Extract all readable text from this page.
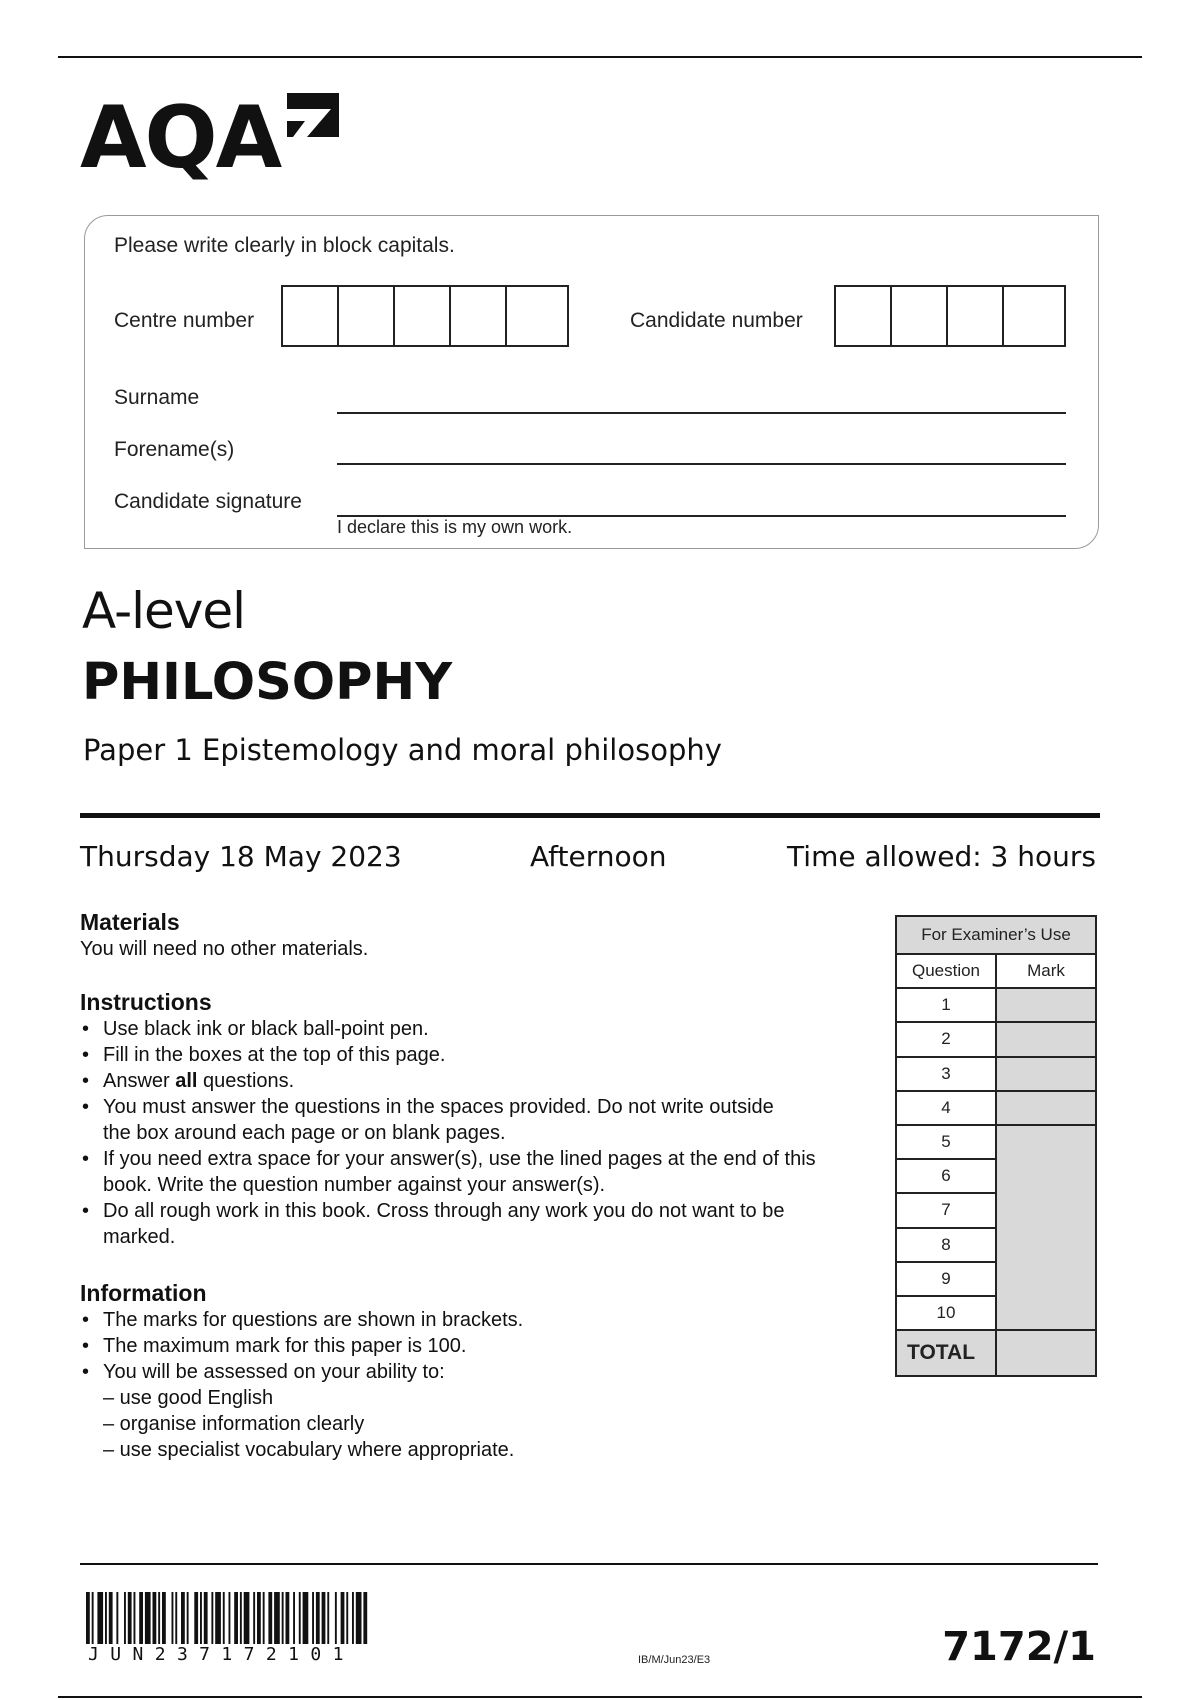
AQA
Please write clearly in block capitals.
Centre number	Candidate number
Surname
Forename(s)
Candidate signature
I declare this is my own work.
A-level
PHILOSOPHY
Paper 1 Epistemology and moral philosophy
Thursday 18 May 2023	Afternoon	Time allowed: 3 hours
Materials
You will need no other materials.
Instructions
• Use black ink or black ball-point pen.
• Fill in the boxes at the top of this page.
• Answer all questions.
• You must answer the questions in the spaces provided. Do not write outside the box around each page or on blank pages.
• If you need extra space for your answer(s), use the lined pages at the end of this book. Write the question number against your answer(s).
• Do all rough work in this book. Cross through any work you do not want to be marked.
Information
• The marks for questions are shown in brackets.
• The maximum mark for this paper is 100.
• You will be assessed on your ability to:
– use good English
– organise information clearly
– use specialist vocabulary where appropriate.
For Examiner’s Use	
Question	Mark
1	
2	
3	
4	
5	
6	
7	
8	
9	
10	
TOTAL	
JUN237172101	IB/M/Jun23/E3	7172/1
